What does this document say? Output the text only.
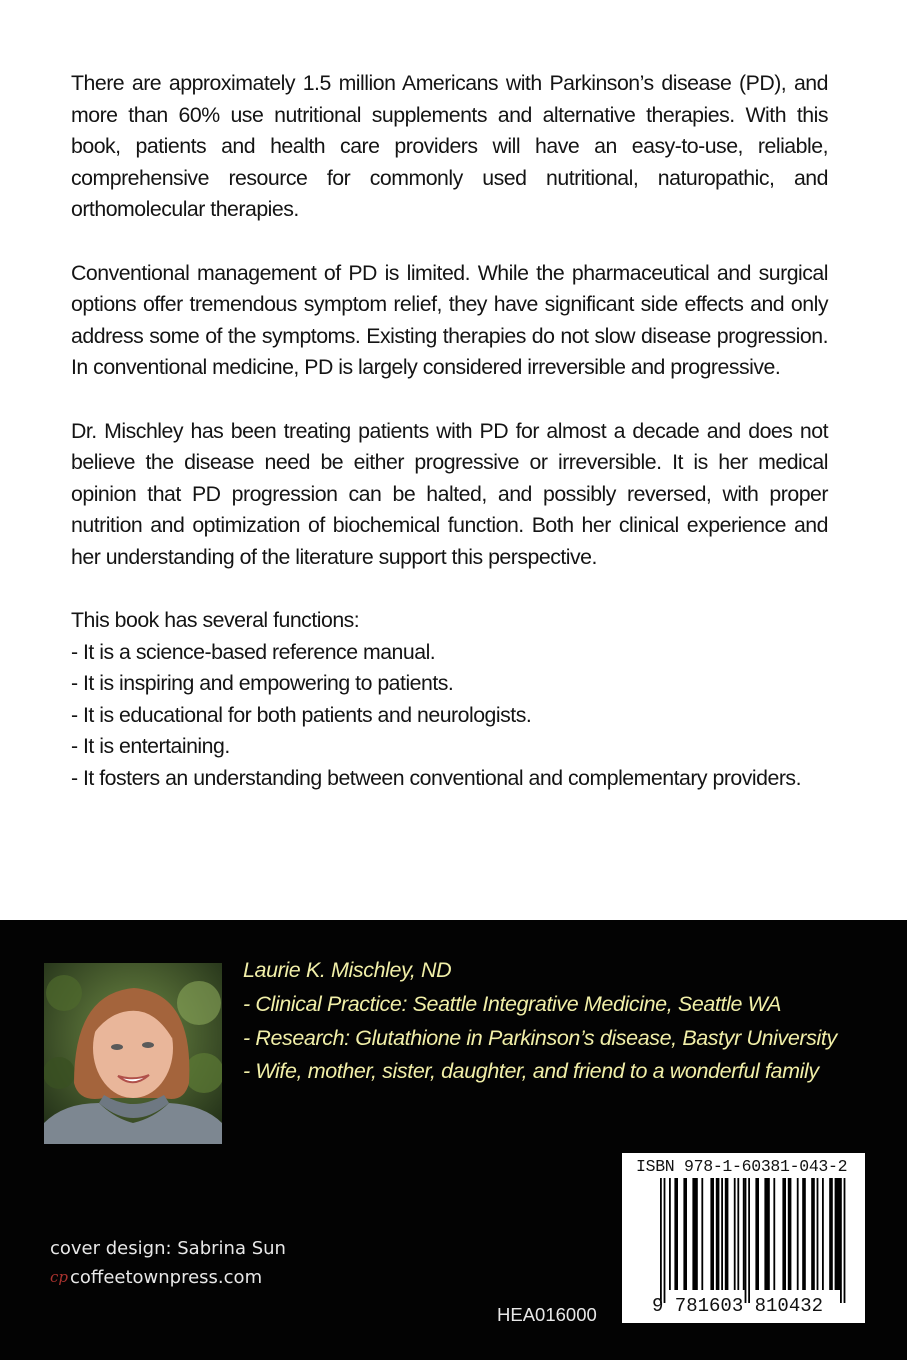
There are approximately 1.5 million Americans with Parkinson’s disease (PD), and more than 60% use nutritional supplements and alternative therapies. With this book, patients and health care providers will have an easy-to-use, reliable, comprehensive resource for commonly used nutritional, naturopathic, and orthomolecular therapies.

Conventional management of PD is limited. While the pharmaceutical and surgical options offer tremendous symptom relief, they have significant side effects and only address some of the symptoms. Existing therapies do not slow disease progression. In conventional medicine, PD is largely considered irreversible and progressive.

Dr. Mischley has been treating patients with PD for almost a decade and does not believe the disease need be either progressive or irreversible. It is her medical opinion that PD progression can be halted, and possibly reversed, with proper nutrition and optimization of biochemical function. Both her clinical experience and her understanding of the literature support this perspective.

This book has several functions:

- It is a science-based reference manual.
- It is inspiring and empowering to patients.
- It is educational for both patients and neurologists.
- It is entertaining.
- It fosters an understanding between conventional and complementary providers.
Laurie K. Mischley, ND
- Clinical Practice: Seattle Integrative Medicine, Seattle WA
- Research: Glutathione in Parkinson’s disease, Bastyr University
- Wife, mother, sister, daughter, and friend to a wonderful family
cover design: Sabrina Sun
cp coffeetownpress.com
HEA016000
ISBN 978-1-60381-043-2
9 781603 810432
